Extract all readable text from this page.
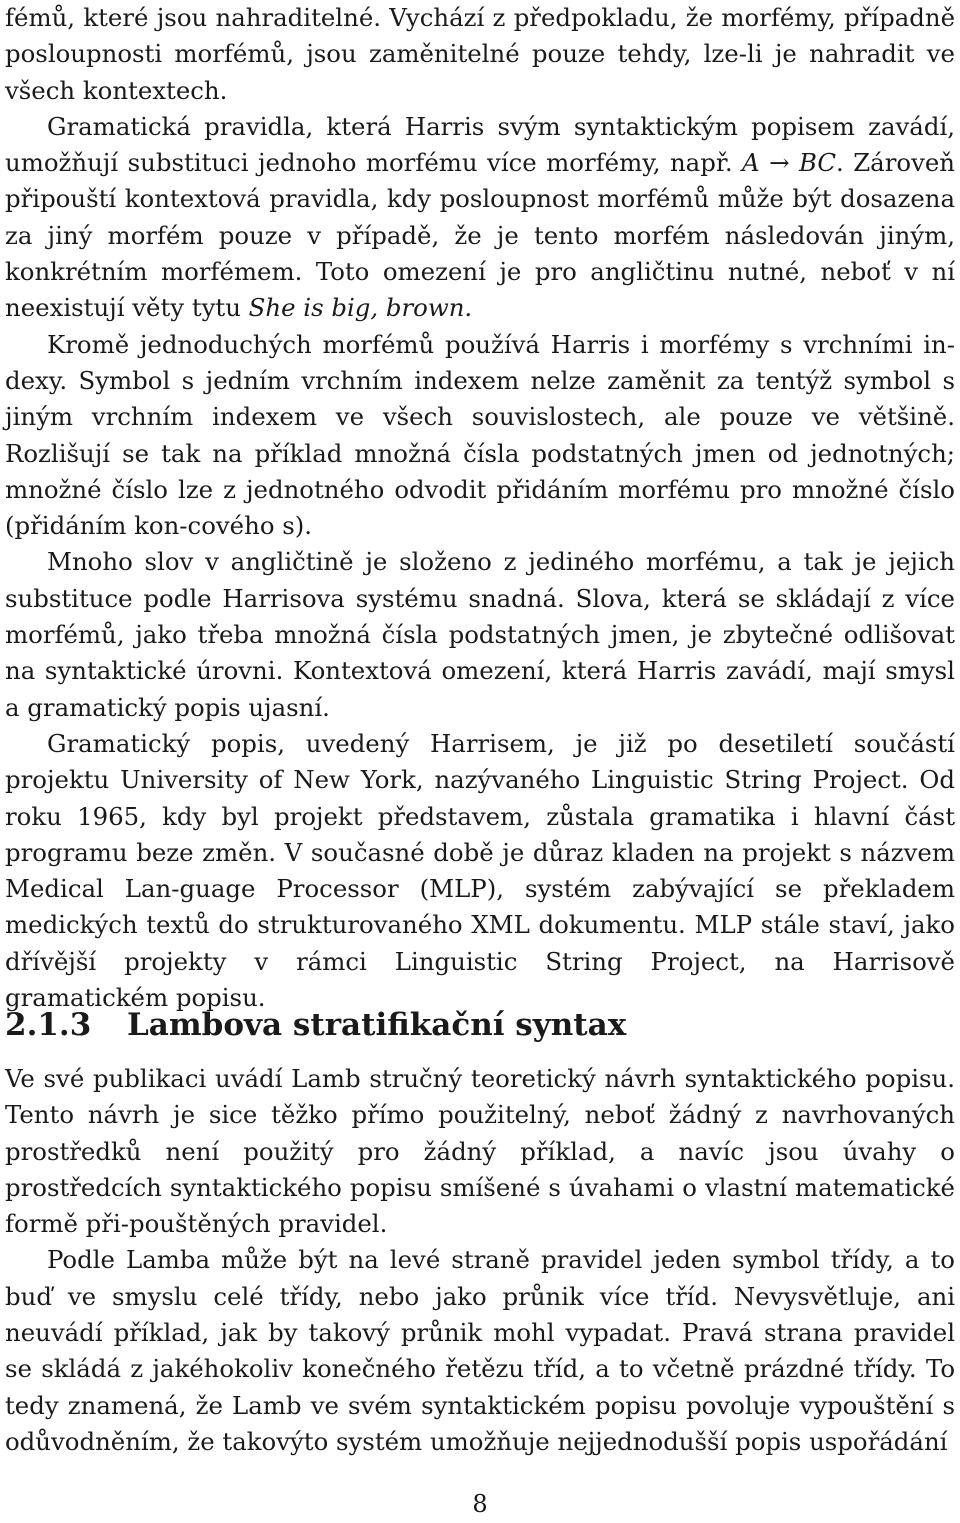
fémů, které jsou nahraditelné. Vychází z předpokladu, že morfémy, případně posloupnosti morfémů, jsou zaměnitelné pouze tehdy, lze-li je nahradit ve všech kontextech.

Gramatická pravidla, která Harris svým syntaktickým popisem zavádí, umožňují substituci jednoho morfému více morfémy, např. A → BC. Zároveň připouští kontextová pravidla, kdy posloupnost morfémů může být dosazena za jiný morfém pouze v případě, že je tento morfém následován jiným, konkrétním morfémem. Toto omezení je pro angličtinu nutné, neboť v ní neexistují věty tytu She is big, brown.

Kromě jednoduchých morfémů používá Harris i morfémy s vrchními in-dexy. Symbol s jedním vrchním indexem nelze zaměnit za tentýž symbol s jiným vrchním indexem ve všech souvislostech, ale pouze ve většině. Rozlišují se tak na příklad množná čísla podstatných jmen od jednotných; množné číslo lze z jednotného odvodit přidáním morfému pro množné číslo (přidáním kon-cového s).

Mnoho slov v angličtině je složeno z jediného morfému, a tak je jejich substituce podle Harrisova systému snadná. Slova, která se skládají z více morfémů, jako třeba množná čísla podstatných jmen, je zbytečné odlišovat na syntaktické úrovni. Kontextová omezení, která Harris zavádí, mají smysl a gramatický popis ujasní.

Gramatický popis, uvedený Harrisem, je již po desetiletí součástí projektu University of New York, nazývaného Linguistic String Project. Od roku 1965, kdy byl projekt představem, zůstala gramatika i hlavní část programu beze změn. V současné době je důraz kladen na projekt s názvem Medical Lan-guage Processor (MLP), systém zabývající se překladem medických textů do strukturovaného XML dokumentu. MLP stále staví, jako dřívější projekty v rámci Linguistic String Project, na Harrisově gramatickém popisu.

2.1.3 Lambova stratifikační syntax

Ve své publikaci uvádí Lamb stručný teoretický návrh syntaktického popisu. Tento návrh je sice těžko přímo použitelný, neboť žádný z navrhovaných prostředků není použitý pro žádný příklad, a navíc jsou úvahy o prostředcích syntaktického popisu smíšené s úvahami o vlastní matematické formě při-pouštěných pravidel.

Podle Lamba může být na levé straně pravidel jeden symbol třídy, a to buď ve smyslu celé třídy, nebo jako průnik více tříd. Nevysvětluje, ani neuvádí příklad, jak by takový průnik mohl vypadat. Pravá strana pravidel se skládá z jakéhokoliv konečného řetězu tříd, a to včetně prázdné třídy. To tedy znamená, že Lamb ve svém syntaktickém popisu povoluje vypouštění s odůvodněním, že takovýto systém umožňuje nejjednodušší popis uspořádání

8
